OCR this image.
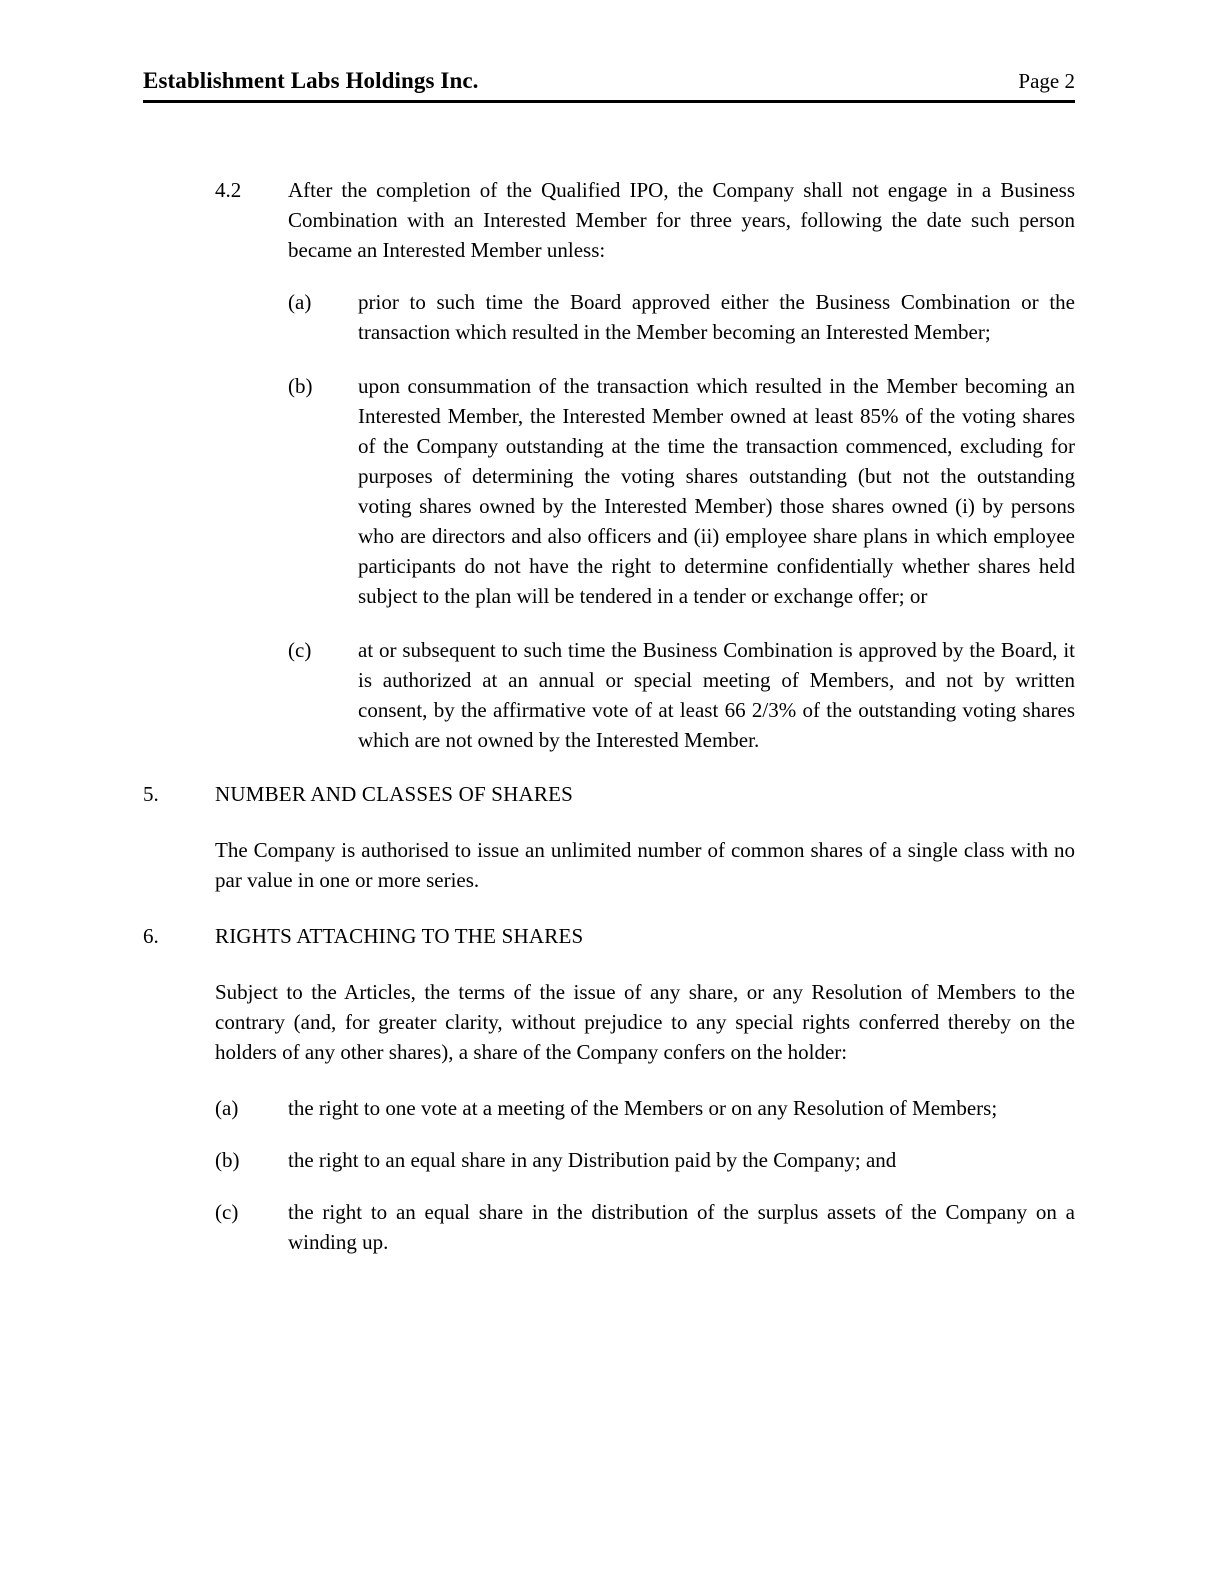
Establishment Labs Holdings Inc.	Page 2
4.2	After the completion of the Qualified IPO, the Company shall not engage in a Business Combination with an Interested Member for three years, following the date such person became an Interested Member unless:
(a)	prior to such time the Board approved either the Business Combination or the transaction which resulted in the Member becoming an Interested Member;
(b)	upon consummation of the transaction which resulted in the Member becoming an Interested Member, the Interested Member owned at least 85% of the voting shares of the Company outstanding at the time the transaction commenced, excluding for purposes of determining the voting shares outstanding (but not the outstanding voting shares owned by the Interested Member) those shares owned (i) by persons who are directors and also officers and (ii) employee share plans in which employee participants do not have the right to determine confidentially whether shares held subject to the plan will be tendered in a tender or exchange offer; or
(c)	at or subsequent to such time the Business Combination is approved by the Board, it is authorized at an annual or special meeting of Members, and not by written consent, by the affirmative vote of at least 66 2/3% of the outstanding voting shares which are not owned by the Interested Member.
5.	NUMBER AND CLASSES OF SHARES

The Company is authorised to issue an unlimited number of common shares of a single class with no par value in one or more series.

6.	RIGHTS ATTACHING TO THE SHARES

Subject to the Articles, the terms of the issue of any share, or any Resolution of Members to the contrary (and, for greater clarity, without prejudice to any special rights conferred thereby on the holders of any other shares), a share of the Company confers on the holder:

(a)	the right to one vote at a meeting of the Members or on any Resolution of Members;
(b)	the right to an equal share in any Distribution paid by the Company; and
(c)	the right to an equal share in the distribution of the surplus assets of the Company on a winding up.
